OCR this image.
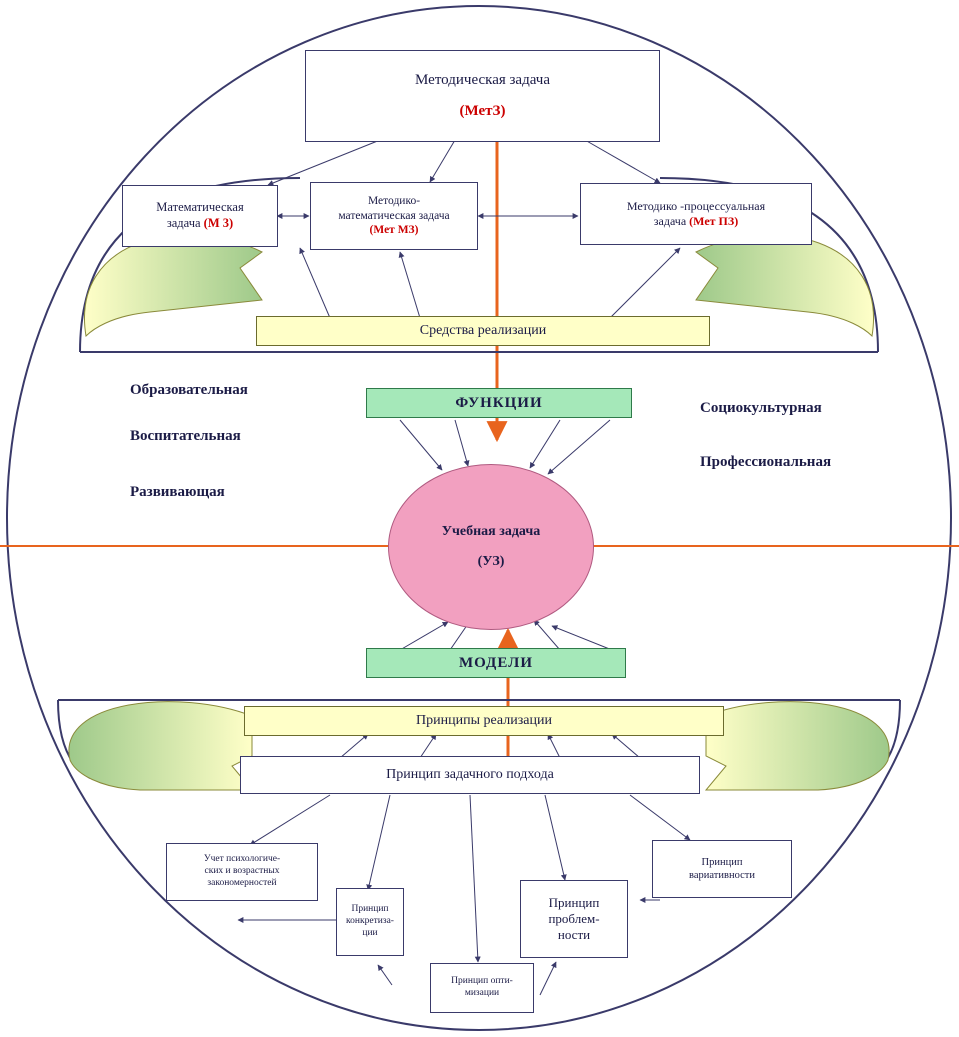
Методическая задача
(МетЗ)
Математическая
задача (М 3)
Методико-
математическая задача
(Мет МЗ)
Методико -процессуальная
задача (Мет ПЗ)
Средства реализации
ФУНКЦИИ
Образовательная
Воспитательная
Развивающая
Социокультурная
Профессиональная
Учебная задача
(УЗ)
МОДЕЛИ
Принципы реализации
Принцип задачного подхода
Учет психологиче-
ских и возрастных
закономерностей
Принцип
конкретиза-
ции
Принцип опти-
мизации
Принцип
проблем-
ности
Принцип
вариативности
